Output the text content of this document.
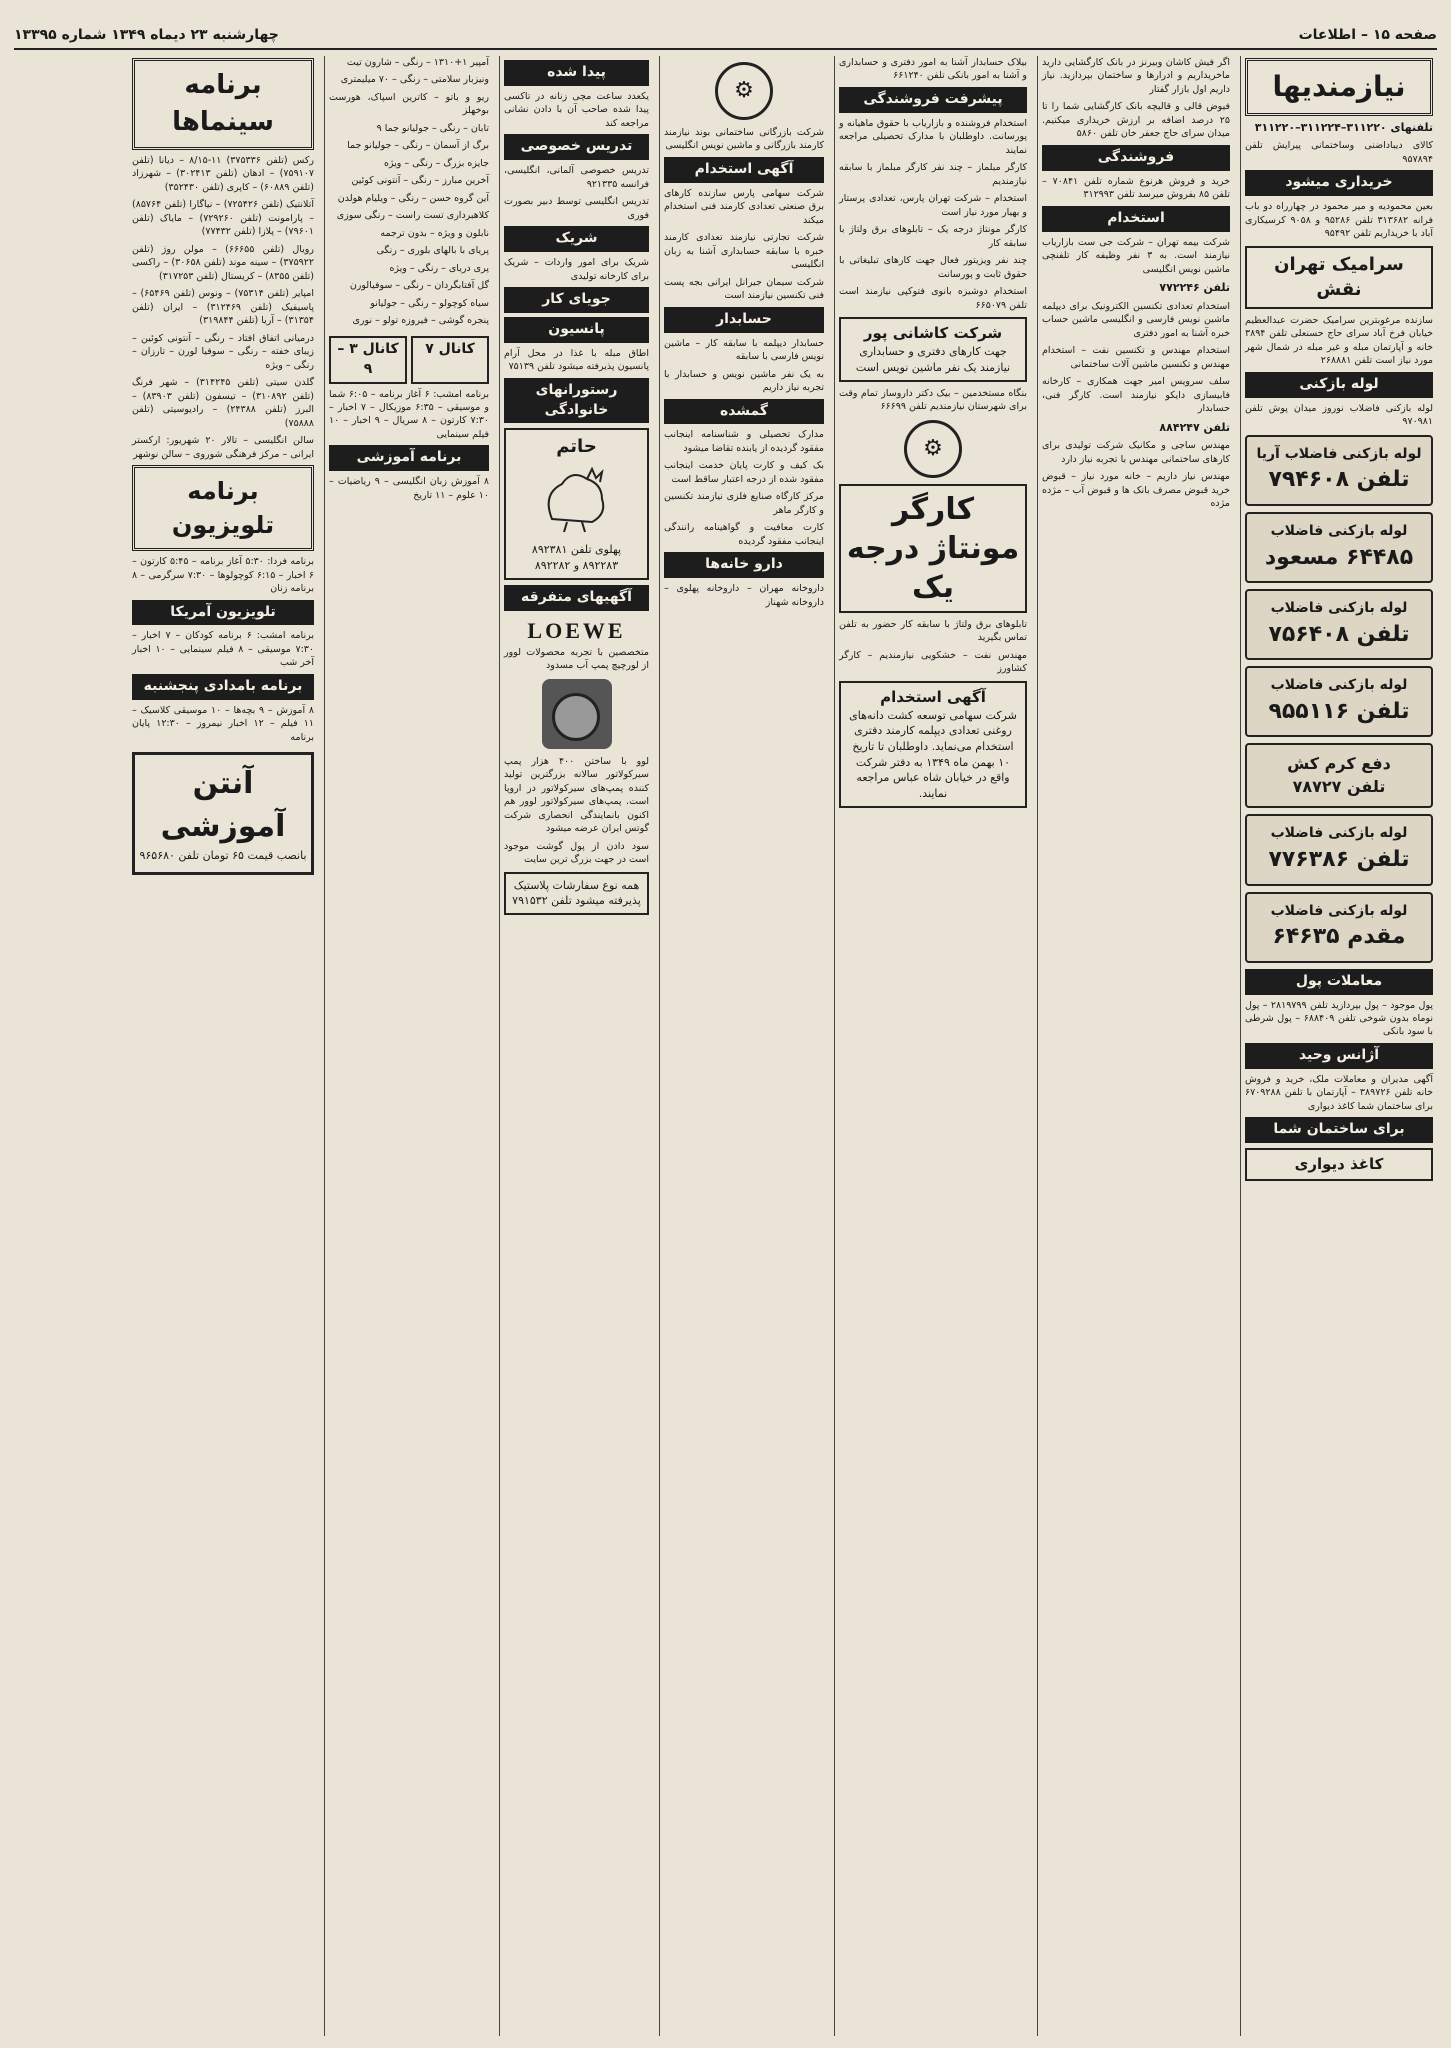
صفحه ۱۵ – اطلاعات
چهارشنبه ۲۳ دیماه ۱۳۴۹ شماره ۱۳۳۹۵
نیازمندیها

تلفنهای ۳۱۱۲۲۰–۳۱۱۲۲۴–۳۱۱۲۲۰

کالای دیباداضنی وساختمانی پیرایش تلفن ۹۵۷۸۹۴

خریداری میشود

بعین محمودیه و میر محمود در چهارراه دو باب فرانه ۳۱۳۶۸۲ تلفن ۹۵۲۸۶ و ۹۰۵۸ کرسیکاری آباد با خریداریم تلفن ۹۵۴۹۲

سرامیک تهران نقش

سازنده مرغوبترین سرامیک حضرت عبدالعظیم خیابان فرخ آباد سرای حاج حسنعلی تلفن ۳۸۹۴ خانه و آپارتمان مبله و غیر مبله در شمال شهر مورد نیاز است تلفن ۲۶۸۸۸۱

لوله بازکنی

لوله بازکنی فاضلاب نوروز میدان پوش تلفن ۹۷۰۹۸۱

لوله بازکنی فاضلاب آریا
تلفن ۷۹۴۶۰۸
لوله بازکنی فاضلاب
۶۴۴۸۵ مسعود
لوله بازکنی فاضلاب
تلفن ۷۵۶۴۰۸
لوله بازکنی فاضلاب
تلفن ۹۵۵۱۱۶
دفع کرم کش
تلفن ۷۸۷۲۷
لوله بازکنی فاضلاب
تلفن ۷۷۶۳۸۶
لوله بازکنی فاضلاب
مقدم ۶۴۶۳۵
معاملات پول

پول موجود – پول بپردازید تلفن ۲۸۱۹۷۹۹ – پول نوماه بدون شوخی تلفن ۶۸۸۴۰۹ – پول شرطی با سود بانکی

آژانس وحید

آگهی مدیران و معاملات ملک، خرید و فروش خانه تلفن ۳۸۹۷۲۶ – آپارتمان با تلفن ۶۷۰۹۲۸۸ برای ساختمان شما کاغذ دیواری

برای ساختمان شما
کاغذ دیواری

اگر فیش کاشان وبیرنز در بانک کارگشایی دارید ماخریداریم و ادرارها و ساختمان بپردازید. نیاز داریم اول بازار گفتار

فیوض قالی و قالیچه بانک کارگشایی شما را تا ۲۵ درصد اضافه بر ارزش خریداری میکنیم. میدان سرای حاج جعفر خان تلفن ۵۸۶۰

فروشندگی

خرید و فروش هرنوع شماره تلفن ۷۰۸۴۱ – تلفن ۸۵ بفروش میرسد تلفن ۳۱۲۹۹۳

استخدام

شرکت بیمه تهران – شرکت جی ست بازاریاب نیازمند است. به ۳ نفر وظیفه کار تلفنچی ماشین نویس انگلیسی

تلفن ۷۷۲۲۴۶

استخدام تعدادی تکنسین الکترونیک برای دیپلمه ماشین نویس فارسی و انگلیسی ماشین حساب خبره آشنا به امور دفتری

استخدام مهندس و تکنسین نفت – استخدام مهندس و تکنسین ماشین آلات ساختمانی

سلف سرویس امیر جهت همکاری – کارخانه فابیسازی دایکو نیازمند است. کارگر فنی، حسابدار

تلفن ۸۸۴۲۴۷

مهندس ساجی و مکانیک شرکت تولیدی برای کارهای ساختمانی مهندس با تجربه نیاز دارد

مهندس نیاز داریم – خانه مورد نیاز – قبوض خرید قبوض مصرف بانک ها و قبوض آب – مژده مژده

بیلاک حسابدار آشنا به امور دفتری و حسابداری و آشنا به امور بانکی تلفن ۶۶۱۲۴۰

پیشرفت فروشندگی

استخدام فروشنده و بازاریاب با حقوق ماهیانه و پورسانت. داوطلبان با مدارک تحصیلی مراجعه نمایند

کارگر مبلماز – چند نفر کارگر مبلماز با سابقه نیازمندیم

استخدام – شرکت تهران پارس، تعدادی پرستار و بهیار مورد نیاز است

کارگر مونتاژ درجه یک – تابلوهای برق ولتاژ با سابقه کار

چند نفر ویزیتور فعال جهت کارهای تبلیغاتی با حقوق ثابت و پورسانت

استخدام دوشیزه بانوی فتوکپی نیازمند است تلفن ۶۶۵۰۷۹

شرکت کاشانی پور
جهت کارهای دفتری و حسابداری نیازمند یک نفر ماشین نویس است

بنگاه مستخدمین – بیک دکتر داروساز تمام وقت برای شهرستان نیازمندیم تلفن ۶۶۶۹۹

⚙
کارگر مونتاژ درجه یک

تابلوهای برق ولتاژ با سابقه کار حضور به تلفن تماس بگیرید

مهندس نفت – خشکویی نیازمندیم – کارگر کشاورز

آگهی استخدام
شرکت سهامی توسعه کشت دانه‌های روغنی تعدادی دیپلمه کارمند دفتری استخدام می‌نماید. داوطلبان تا تاریخ ۱۰ بهمن ماه ۱۳۴۹ به دفتر شرکت واقع در خیابان شاه عباس مراجعه نمایند.
⚙

شرکت بازرگانی ساختمانی بوند نیازمند کارمند بازرگانی و ماشین نویس انگلیسی

آگهی استخدام

شرکت سهامی پارس سازنده کارهای برق صنعتی تعدادی کارمند فنی استخدام میکند

شرکت تجارتی نیازمند تعدادی کارمند خبره با سابقه حسابداری آشنا به زبان انگلیسی

شرکت سیمان جیرانل ایرانی بجه پست فنی تکنسین نیازمند است

حسابدار

حسابدار دیپلمه با سابقه کار – ماشین نویس فارسی با سابقه

به یک نفر ماشین نویس و حسابدار با تجربه نیاز داریم

گمشده

مدارک تحصیلی و شناسنامه اینجانب مفقود گردیده از یابنده تقاضا میشود

بک کیف و کارت پایان خدمت اینجانب مفقود شده از درجه اعتبار ساقط است

مرکز کارگاه صنایع فلزی نیازمند تکنسین و کارگر ماهر

کارت معافیت و گواهینامه رانندگی اینجانب مفقود گردیده

دارو خانه‌ها

داروخانه مهران – داروخانه پهلوی – داروخانه شهناز

پیدا شده

یکعدد ساعت مچی زنانه در تاکسی پیدا شده صاحب آن با دادن نشانی مراجعه کند

تدریس خصوصی

تدریس خصوصی آلمانی، انگلیسی، فرانسه ۹۲۱۳۳۵

تدریس انگلیسی توسط دبیر بصورت فوری

شریک

شریک برای امور واردات – شریک برای کارخانه تولیدی

جویای کار
پانسیون

اطاق مبله با غذا در محل آرام پانسیون پذیرفته میشود تلفن ۷۵۱۳۹

رستورانهای خانوادگی
حاتم
پهلوی تلفن ۸۹۲۳۸۱
۸۹۲۲۸۳ و ۸۹۲۲۸۲
آگهیهای متفرقه
LOEWE

متخصصین با تجربه محصولات لوور از لورچیچ پمپ آب مسدود

لوو با ساختن ۴۰۰ هزار پمپ سیرکولاتور سالانه بزرگترین تولید کننده پمپ‌های سیرکولاتور در اروپا است. پمپ‌های سیرکولاتور لوور هم اکنون بانمایندگی انحصاری شرکت گوتس ایران عرضه میشود

سود دادن از پول گوشت موجود است در جهت بزرگ ترین سایت

همه نوع سفارشات پلاستیک پذیرفته میشود تلفن ۷۹۱۵۳۲

آمپیر ۱+۱۳۱۰ – رنگی – شارون تیت

ونیزبار سلامتی – رنگی – ۷۰ میلیمتری

ریو و باتو – کاترین اسپاک، هورست بوخهلز

تابان – رنگی – جولیانو جما ۹

برگ از آسمان – رنگی – جولیانو جما

جایزه بزرگ – رنگی – ویژه

آخرین مبارز – رنگی – آنتونی کوئین

آین گروه حسن – رنگی – ویلیام هولدن

کلاهبرداری تست راست – رنگی سوزی

نابلون و ویژه – بدون ترجمه

پریای با بالهای بلوری – رنگی

پری دریای – رنگی – ویژه

گل آفتابگردان – رنگی – سوفیالورن

سیاه کوچولو – رنگی – جولیانو

پنجره گوشی – فیروزه تولو – نوری

کانال ۷
کانال ۳ – ۹

برنامه امشب: ۶ آغاز برنامه – ۶:۰۵ شما و موسیقی – ۶:۳۵ موزیکال – ۷ اخبار – ۷:۳۰ کارتون – ۸ سریال – ۹ اخبار – ۱۰ فیلم سینمایی

برنامه آموزشی

۸ آموزش زبان انگلیسی – ۹ ریاضیات – ۱۰ علوم – ۱۱ تاریخ

برنامه سینماها

رکس (تلفن ۳۷۵۳۳۶) ۱۱-۸/۱۵ – دیانا (تلفن ۷۵۹۱۰۷) – ادهان (تلفن ۳۰۲۴۱۳) – شهرزاد (تلفن ۶۰۸۸۹) – کاپری (تلفن ۳۵۲۴۳۰)

آتلانتیک (تلفن ۷۲۵۴۲۶) – نیاگارا (تلفن ۸۵۷۶۴) – پارامونت (تلفن ۷۲۹۲۶۰) – مایاک (تلفن ۷۹۶۰۱) – پلازا (تلفن ۷۷۴۳۲)

رویال (تلفن ۶۶۶۵۵) – مولن روژ (تلفن ۳۷۵۹۲۲) – سینه موند (تلفن ۳۰۶۵۸) – راکسی (تلفن ۸۳۵۵) – کریستال (تلفن ۳۱۷۲۵۳)

امپایر (تلفن ۷۵۳۱۴) – ونوس (تلفن ۶۵۴۶۹) – پاسیفیک (تلفن ۳۱۲۴۶۹) – ایران (تلفن ۳۱۳۵۴) – آریا (تلفن ۳۱۹۸۴۴)

درمیانی اتفاق افتاد – رنگی – آنتونی کوئین – زیبای خفته – رنگی – سوفیا لورن – تارزان – رنگی – ویژه

گلدن سیتی (تلفن ۳۱۴۲۴۵) – شهر فرنگ (تلفن ۳۱۰۸۹۲) – تیسفون (تلفن ۸۳۹۰۳) – البرز (تلفن ۲۴۳۸۸) – رادیوسیتی (تلفن ۷۵۸۸۸)

سالن انگلیسی – تالار ۲۰ شهریور: ارکستر ایرانی – مرکز فرهنگی شوروی – سالن نوشهر

برنامه تلویزیون

برنامه فردا: ۵:۳۰ آغاز برنامه – ۵:۴۵ کارتون – ۶ اخبار – ۶:۱۵ کوچولوها – ۷:۳۰ سرگرمی – ۸ برنامه زنان

تلویزیون آمریکا

برنامه امشب: ۶ برنامه کودکان – ۷ اخبار – ۷:۳۰ موسیقی – ۸ فیلم سینمایی – ۱۰ اخبار آخر شب

برنامه بامدادی پنجشنبه

۸ آموزش – ۹ بچه‌ها – ۱۰ موسیقی کلاسیک – ۱۱ فیلم – ۱۲ اخبار نیمروز – ۱۲:۳۰ پایان برنامه

آنتن آموزشی
بانصب قیمت ۶۵ تومان تلفن ۹۶۵۶۸۰
